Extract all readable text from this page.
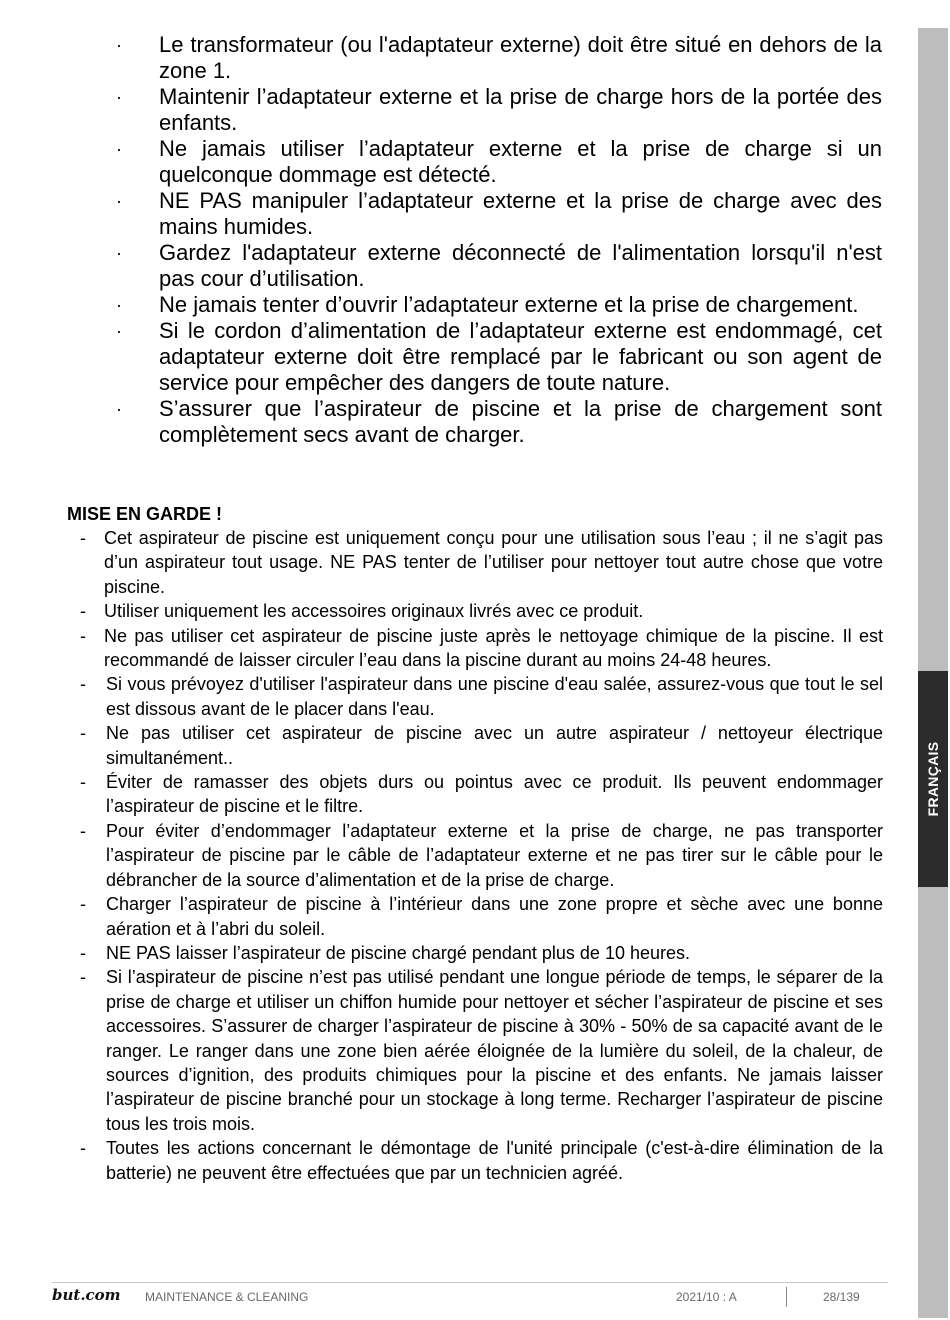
FRANÇAIS
· Le transformateur (ou l'adaptateur externe) doit être situé en dehors de la zone 1.
· Maintenir l’adaptateur externe et la prise de charge hors de la portée des enfants.
· Ne jamais utiliser l’adaptateur externe et la prise de charge si un quelconque dommage est détecté.
· NE PAS manipuler l’adaptateur externe et la prise de charge avec des mains humides.
· Gardez l'adaptateur externe déconnecté de l'alimentation lorsqu'il n'est pas cour d’utilisation.
· Ne jamais tenter d’ouvrir l’adaptateur externe et la prise de chargement.
· Si le cordon d’alimentation de l’adaptateur externe est endommagé, cet adaptateur externe doit être remplacé par le fabricant ou son agent de service pour empêcher des dangers de toute nature.
· S’assurer que l’aspirateur de piscine et la prise de chargement sont complètement secs avant de charger.
MISE EN GARDE !
- Cet aspirateur de piscine est uniquement conçu pour une utilisation sous l’eau ; il ne s’agit pas d’un aspirateur tout usage. NE PAS tenter de l’utiliser pour nettoyer tout autre chose que votre piscine.
- Utiliser uniquement les accessoires originaux livrés avec ce produit.
- Ne pas utiliser cet aspirateur de piscine juste après le nettoyage chimique de la piscine. Il est recommandé de laisser circuler l’eau dans la piscine durant au moins 24-48 heures.
- Si vous prévoyez d'utiliser l'aspirateur dans une piscine d'eau salée, assurez-vous que tout le sel est dissous avant de le placer dans l'eau.
- Ne pas utiliser cet aspirateur de piscine avec un autre aspirateur / nettoyeur électrique simultanément..
- Éviter de ramasser des objets durs ou pointus avec ce produit. Ils peuvent endommager l’aspirateur de piscine et le filtre.
- Pour éviter d’endommager l’adaptateur externe et la prise de charge, ne pas transporter l’aspirateur de piscine par le câble de l’adaptateur externe et ne pas tirer sur le câble pour le débrancher de la source d’alimentation et de la prise de charge.
- Charger l’aspirateur de piscine à l’intérieur dans une zone propre et sèche avec une bonne aération et à l’abri du soleil.
- NE PAS laisser l’aspirateur de piscine chargé pendant plus de 10 heures.
- Si l’aspirateur de piscine n’est pas utilisé pendant une longue période de temps, le séparer de la prise de charge et utiliser un chiffon humide pour nettoyer et sécher l’aspirateur de piscine et ses accessoires. S’assurer de charger l’aspirateur de piscine à 30% - 50% de sa capacité avant de le ranger. Le ranger dans une zone bien aérée éloignée de la lumière du soleil, de la chaleur, de sources d’ignition, des produits chimiques pour la piscine et des enfants. Ne jamais laisser l’aspirateur de piscine branché pour un stockage à long terme. Recharger l’aspirateur de piscine tous les trois mois.
- Toutes les actions concernant le démontage de l'unité principale (c'est-à-dire élimination de la batterie) ne peuvent être effectuées que par un technicien agréé.
but.com MAINTENANCE & CLEANING	2021/10 : A	28/139
